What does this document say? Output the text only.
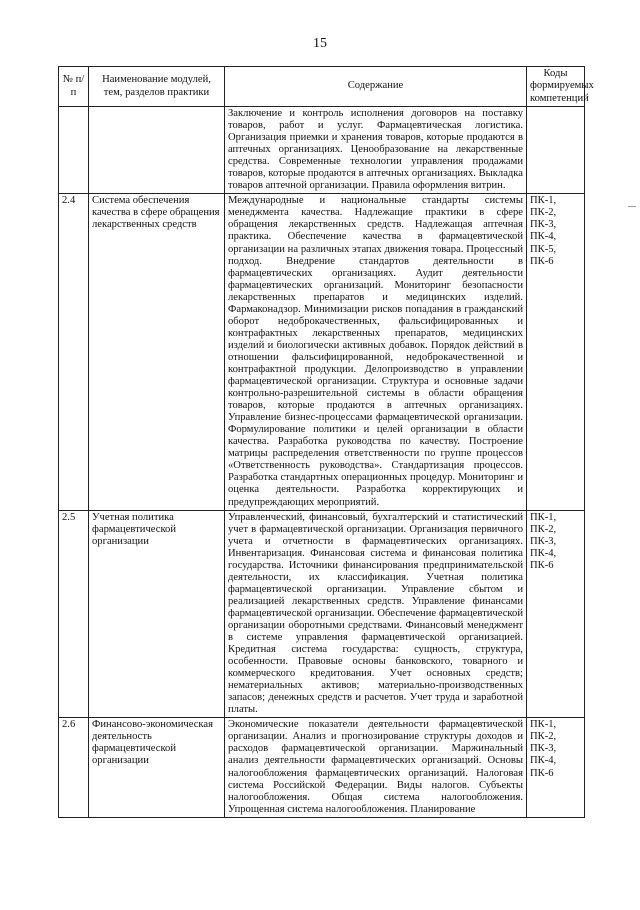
15
№ п/п	Наименование модулей, тем, разделов практики	Содержание	Коды формируемых компетенций
		Заключение и контроль исполнения договоров на поставку товаров, работ и услуг. Фармацевтическая логистика. Организация приемки и хранения товаров, которые продаются в аптечных организациях. Ценообразование на лекарственные средства. Современные технологии управления продажами товаров, которые продаются в аптечных организациях. Выкладка товаров аптечной организации. Правила оформления витрин.	
2.4	Система обеспечения качества в сфере обращения лекарственных средств	Международные и национальные стандарты системы менеджмента качества. Надлежащие практики в сфере обращения лекарственных средств. Надлежащая аптечная практика. Обеспечение качества в фармацевтической организации на различных этапах движения товара. Процессный подход. Внедрение стандартов деятельности в фармацевтических организациях. Аудит деятельности фармацевтических организаций. Мониторинг безопасности лекарственных препаратов и медицинских изделий. Фармаконадзор. Минимизации рисков попадания в гражданский оборот недоброкачественных, фальсифицированных и контрафактных лекарственных препаратов, медицинских изделий и биологически активных добавок. Порядок действий в отношении фальсифицированной, недоброкачественной и контрафактной продукции. Делопроизводство в управлении фармацевтической организации. Структура и основные задачи контрольно-разрешительной системы в области обращения товаров, которые продаются в аптечных организациях. Управление бизнес-процессами фармацевтической организации. Формулирование политики и целей организации в области качества. Разработка руководства по качеству. Построение матрицы распределения ответственности по группе процессов «Ответственность руководства». Стандартизация процессов. Разработка стандартных операционных процедур. Мониторинг и оценка деятельности. Разработка корректирующих и предупреждающих мероприятий.	ПК-1, ПК-2, ПК-3, ПК-4, ПК-5, ПК-6
2.5	Учетная политика фармацевтической организации	Управленческий, финансовый, бухгалтерский и статистический учет в фармацевтической организации. Организация первичного учета и отчетности в фармацевтических организациях. Инвентаризация. Финансовая система и финансовая политика государства. Источники финансирования предпринимательской деятельности, их классификация. Учетная политика фармацевтической организации. Управление сбытом и реализацией лекарственных средств. Управление финансами фармацевтической организации. Обеспечение фармацевтической организации оборотными средствами. Финансовый менеджмент в системе управления фармацевтической организацией. Кредитная система государства: сущность, структура, особенности. Правовые основы банковского, товарного и коммерческого кредитования. Учет основных средств; нематериальных активов; материально-производственных запасов; денежных средств и расчетов. Учет труда и заработной платы.	ПК-1, ПК-2, ПК-3, ПК-4, ПК-6
2.6	Финансово-экономическая деятельность фармацевтической организации	Экономические показатели деятельности фармацевтической организации. Анализ и прогнозирование структуры доходов и расходов фармацевтической организации. Маржинальный анализ деятельности фармацевтических организаций. Основы налогообложения фармацевтических организаций. Налоговая система Российской Федерации. Виды налогов. Субъекты налогообложения. Общая система налогообложения. Упрощенная система налогообложения. Планирование	ПК-1, ПК-2, ПК-3, ПК-4, ПК-6
